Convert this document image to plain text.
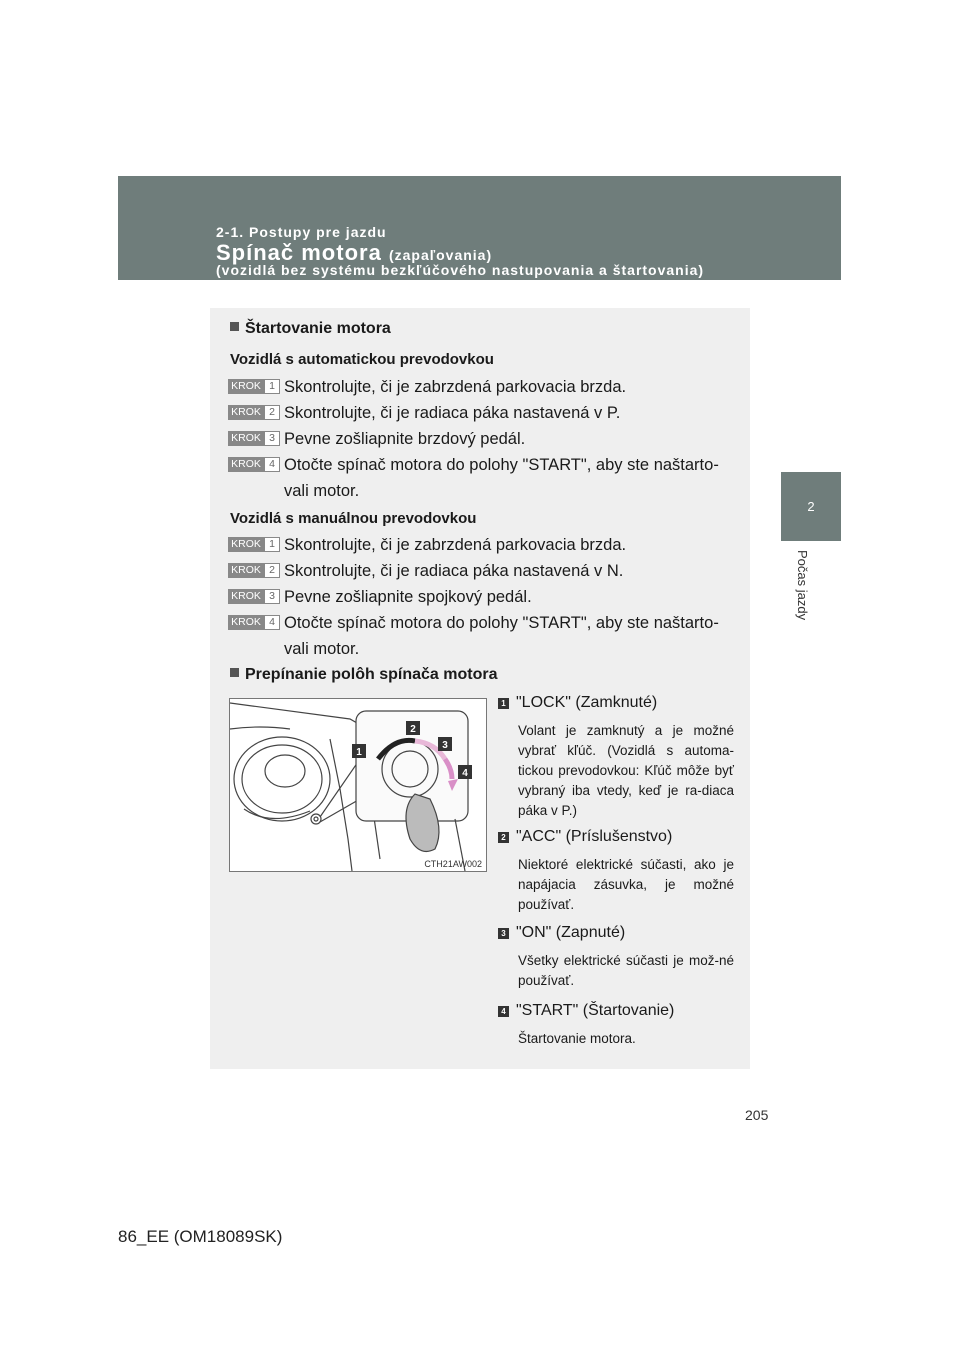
2-1. Postupy pre jazdu
Spínač motora (zapaľovania)
(vozidlá bez systému bezkľúčového nastupovania a štartovania)
2
Počas jazdy
Štartovanie motora
Vozidlá s automatickou prevodovkou
KROK 1 Skontrolujte, či je zabrzdená parkovacia brzda.
KROK 2 Skontrolujte, či je radiaca páka nastavená v P.
KROK 3 Pevne zošliapnite brzdový pedál.
KROK 4 Otočte spínač motora do polohy "START", aby ste naštarto-vali motor.
Vozidlá s manuálnou prevodovkou
KROK 1 Skontrolujte, či je zabrzdená parkovacia brzda.
KROK 2 Skontrolujte, či je radiaca páka nastavená v N.
KROK 3 Pevne zošliapnite spojkový pedál.
KROK 4 Otočte spínač motora do polohy "START", aby ste naštarto-vali motor.
Prepínanie polôh spínača motora
1
2
3
4
CTH21AW002
1 "LOCK" (Zamknuté)
Volant je zamknutý a je možné vybrať kľúč. (Vozidlá s automa-tickou prevodovkou: Kľúč môže byť vybraný iba vtedy, keď je ra-diaca páka v P.)
2 "ACC" (Príslušenstvo)
Niektoré elektrické súčasti, ako je napájacia zásuvka, je možné používať.
3 "ON" (Zapnuté)
Všetky elektrické súčasti je mož-né používať.
4 "START" (Štartovanie)
Štartovanie motora.
205
86_EE (OM18089SK)
